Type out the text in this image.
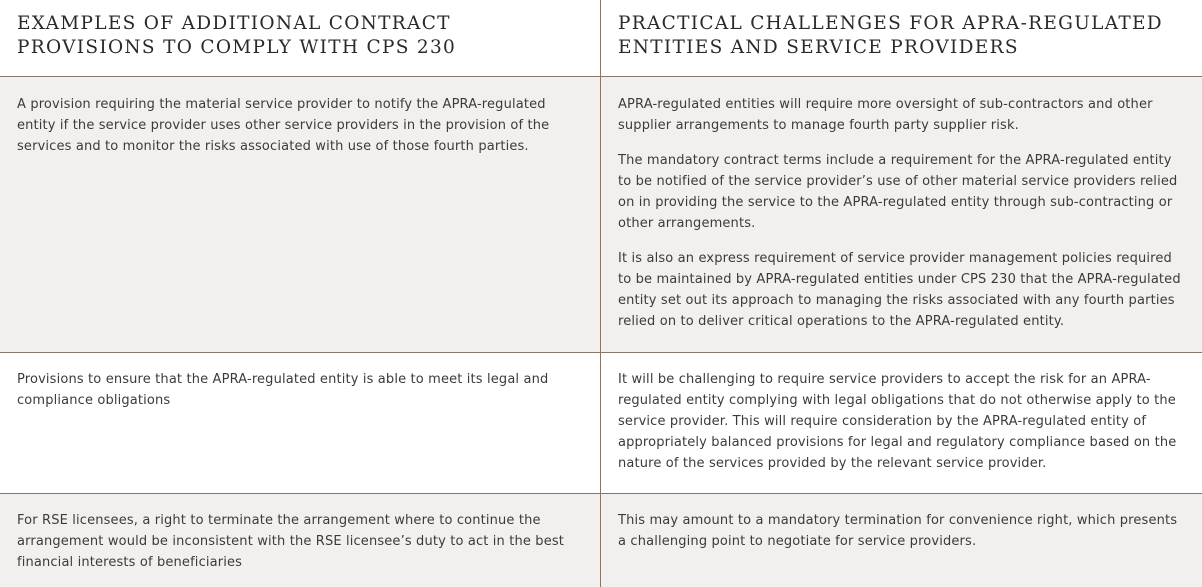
EXAMPLES OF ADDITIONAL CONTRACT PROVISIONS TO COMPLY WITH CPS 230
PRACTICAL CHALLENGES FOR APRA-REGULATED ENTITIES AND SERVICE PROVIDERS

A provision requiring the material service provider to notify the APRA-regulated entity if the service provider uses other service providers in the provision of the services and to monitor the risks associated with use of those fourth parties.

APRA-regulated entities will require more oversight of sub-contractors and other supplier arrangements to manage fourth party supplier risk.

The mandatory contract terms include a requirement for the APRA-regulated entity to be notified of the service provider’s use of other material service providers relied on in providing the service to the APRA-regulated entity through sub-contracting or other arrangements.

It is also an express requirement of service provider management policies required to be maintained by APRA-regulated entities under CPS 230 that the APRA-regulated entity set out its approach to managing the risks associated with any fourth parties relied on to deliver critical operations to the APRA-regulated entity.

Provisions to ensure that the APRA-regulated entity is able to meet its legal and compliance obligations

It will be challenging to require service providers to accept the risk for an APRA-regulated entity complying with legal obligations that do not otherwise apply to the service provider. This will require consideration by the APRA-regulated entity of appropriately balanced provisions for legal and regulatory compliance based on the nature of the services provided by the relevant service provider.

For RSE licensees, a right to terminate the arrangement where to continue the arrangement would be inconsistent with the RSE licensee’s duty to act in the best financial interests of beneficiaries

This may amount to a mandatory termination for convenience right, which presents a challenging point to negotiate for service providers.
